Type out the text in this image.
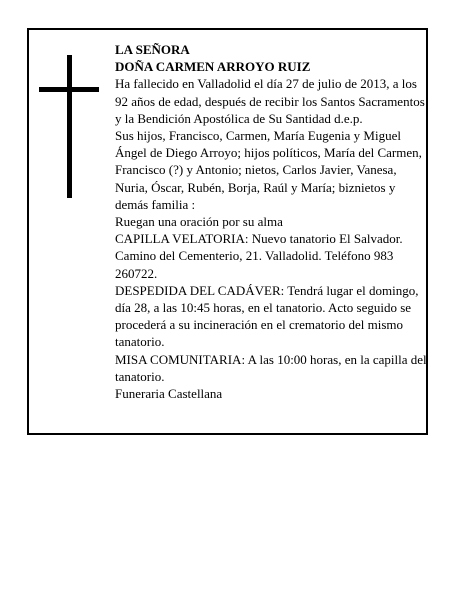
LA SEÑORA

DOÑA CARMEN ARROYO RUIZ

Ha fallecido en Valladolid el día 27 de julio de 2013, a los 92 años de edad, después de recibir los Santos Sacramentos y la Bendición Apostólica de Su Santidad d.e.p.

Sus hijos, Francisco, Carmen, María Eugenia y Miguel Ángel de Diego Arroyo; hijos políticos, María del Carmen, Francisco (?) y Antonio; nietos, Carlos Javier, Vanesa, Nuria, Óscar, Rubén, Borja, Raúl y María; biznietos y demás familia :

Ruegan una oración por su alma

CAPILLA VELATORIA: Nuevo tanatorio El Salvador. Camino del Cementerio, 21. Valladolid. Teléfono 983 260722.

DESPEDIDA DEL CADÁVER: Tendrá lugar el domingo, día 28, a las 10:45 horas, en el tanatorio. Acto seguido se procederá a su incineración en el crematorio del mismo tanatorio.

MISA COMUNITARIA: A las 10:00 horas, en la capilla del tanatorio.

Funeraria Castellana
